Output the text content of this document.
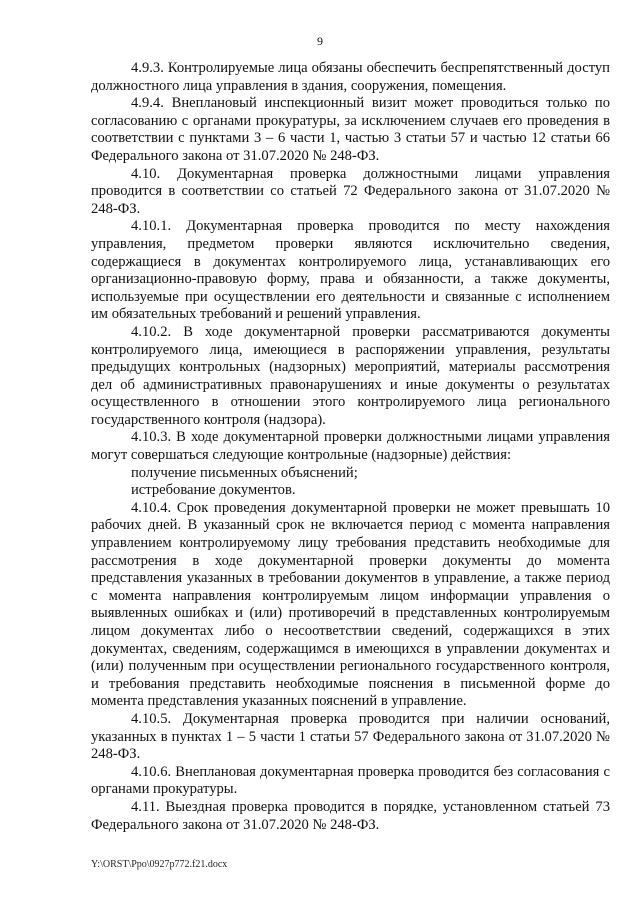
9

4.9.3. Контролируемые лица обязаны обеспечить беспрепятственный доступ должностного лица управления в здания, сооружения, помещения.

4.9.4. Внеплановый инспекционный визит может проводиться только по согласованию с органами прокуратуры, за исключением случаев его проведения в соответствии с пунктами 3 – 6 части 1, частью 3 статьи 57 и частью 12 статьи 66 Федерального закона от 31.07.2020 № 248-ФЗ.

4.10. Документарная проверка должностными лицами управления проводится в соответствии со статьей 72 Федерального закона от 31.07.2020 № 248-ФЗ.

4.10.1. Документарная проверка проводится по месту нахождения управления, предметом проверки являются исключительно сведения, содержащиеся в документах контролируемого лица, устанавливающих его организационно-правовую форму, права и обязанности, а также документы, используемые при осуществлении его деятельности и связанные с исполнением им обязательных требований и решений управления.

4.10.2. В ходе документарной проверки рассматриваются документы контролируемого лица, имеющиеся в распоряжении управления, результаты предыдущих контрольных (надзорных) мероприятий, материалы рассмотрения дел об административных правонарушениях и иные документы о результатах осуществленного в отношении этого контролируемого лица регионального государственного контроля (надзора).

4.10.3. В ходе документарной проверки должностными лицами управления могут совершаться следующие контрольные (надзорные) действия:

получение письменных объяснений;

истребование документов.

4.10.4. Срок проведения документарной проверки не может превышать 10 рабочих дней. В указанный срок не включается период с момента направления управлением контролируемому лицу требования представить необходимые для рассмотрения в ходе документарной проверки документы до момента представления указанных в требовании документов в управление, а также период с момента направления контролируемым лицом информации управления о выявленных ошибках и (или) противоречий в представленных контролируемым лицом документах либо о несоответствии сведений, содержащихся в этих документах, сведениям, содержащимся в имеющихся в управлении документах и (или) полученным при осуществлении регионального государственного контроля, и требования представить необходимые пояснения в письменной форме до момента представления указанных пояснений в управление.

4.10.5. Документарная проверка проводится при наличии оснований, указанных в пунктах 1 – 5 части 1 статьи 57 Федерального закона от 31.07.2020 № 248-ФЗ.

4.10.6. Внеплановая документарная проверка проводится без согласования с органами прокуратуры.

4.11. Выездная проверка проводится в порядке, установленном статьей 73 Федерального закона от 31.07.2020 № 248-ФЗ.

Y:\ORST\Ppo\0927p772.f21.docx
